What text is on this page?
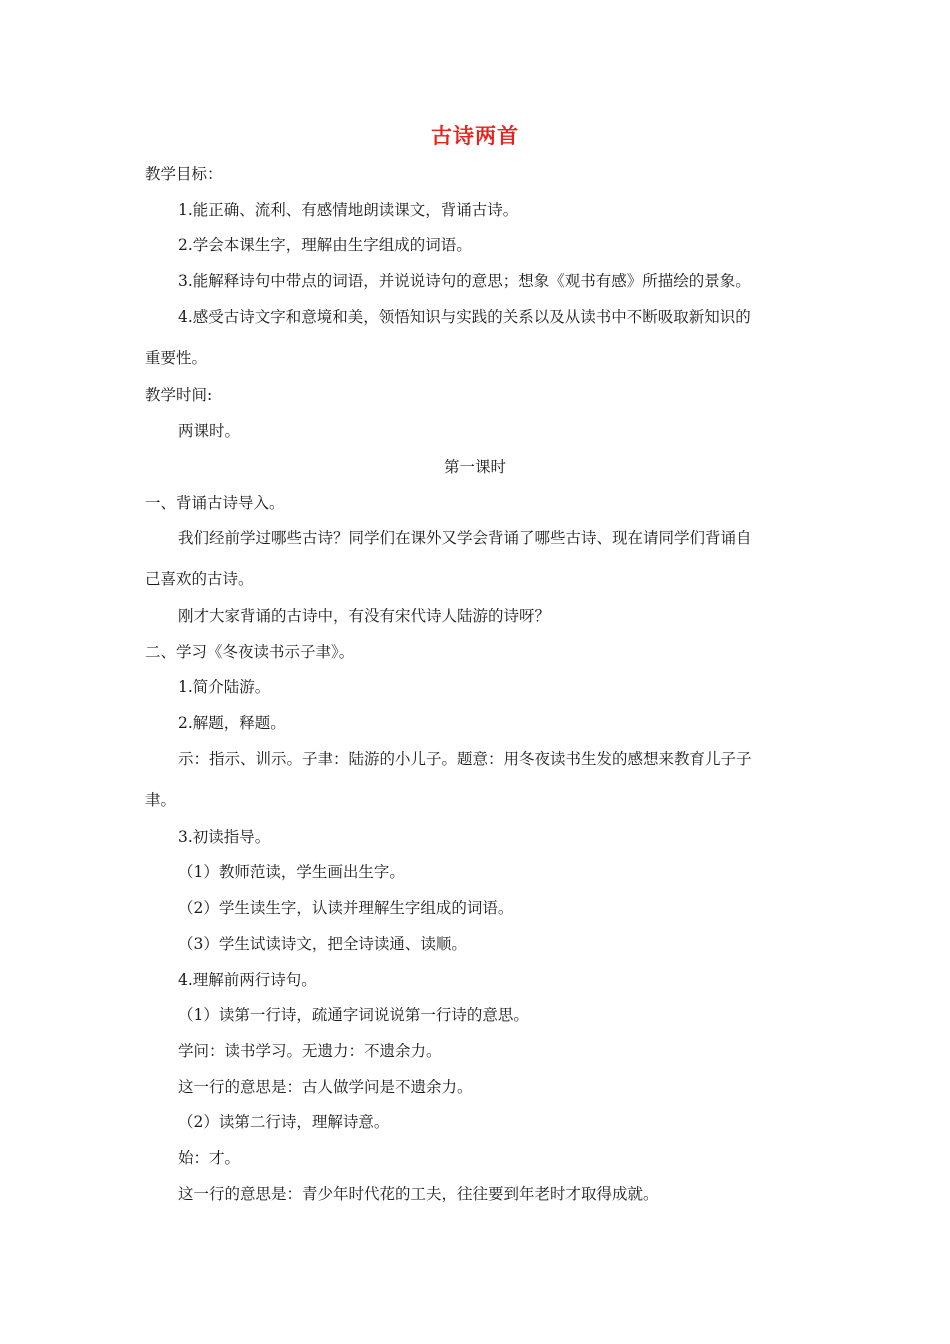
古诗两首
教学目标：
1.能正确、流利、有感情地朗读课文，背诵古诗。
2.学会本课生字，理解由生字组成的词语。
3.能解释诗句中带点的词语，并说说诗句的意思；想象《观书有感》所描绘的景象。
4.感受古诗文字和意境和美，领悟知识与实践的关系以及从读书中不断吸取新知识的
重要性。
教学时间:
两课时。
第一课时
一、背诵古诗导入。
我们经前学过哪些古诗？同学们在课外又学会背诵了哪些古诗、现在请同学们背诵自
己喜欢的古诗。
刚才大家背诵的古诗中，有没有宋代诗人陆游的诗呀？
二、学习《冬夜读书示子聿》。
1.简介陆游。
2.解题，释题。
示：指示、训示。子聿：陆游的小儿子。题意：用冬夜读书生发的感想来教育儿子子
聿。
3.初读指导。
（1）教师范读，学生画出生字。
（2）学生读生字，认读并理解生字组成的词语。
（3）学生试读诗文，把全诗读通、读顺。
4.理解前两行诗句。
（1）读第一行诗，疏通字词说说第一行诗的意思。
学问：读书学习。无遗力：不遗余力。
这一行的意思是：古人做学问是不遗余力。
（2）读第二行诗，理解诗意。
始：才。
这一行的意思是：青少年时代花的工夫，往往要到年老时才取得成就。
